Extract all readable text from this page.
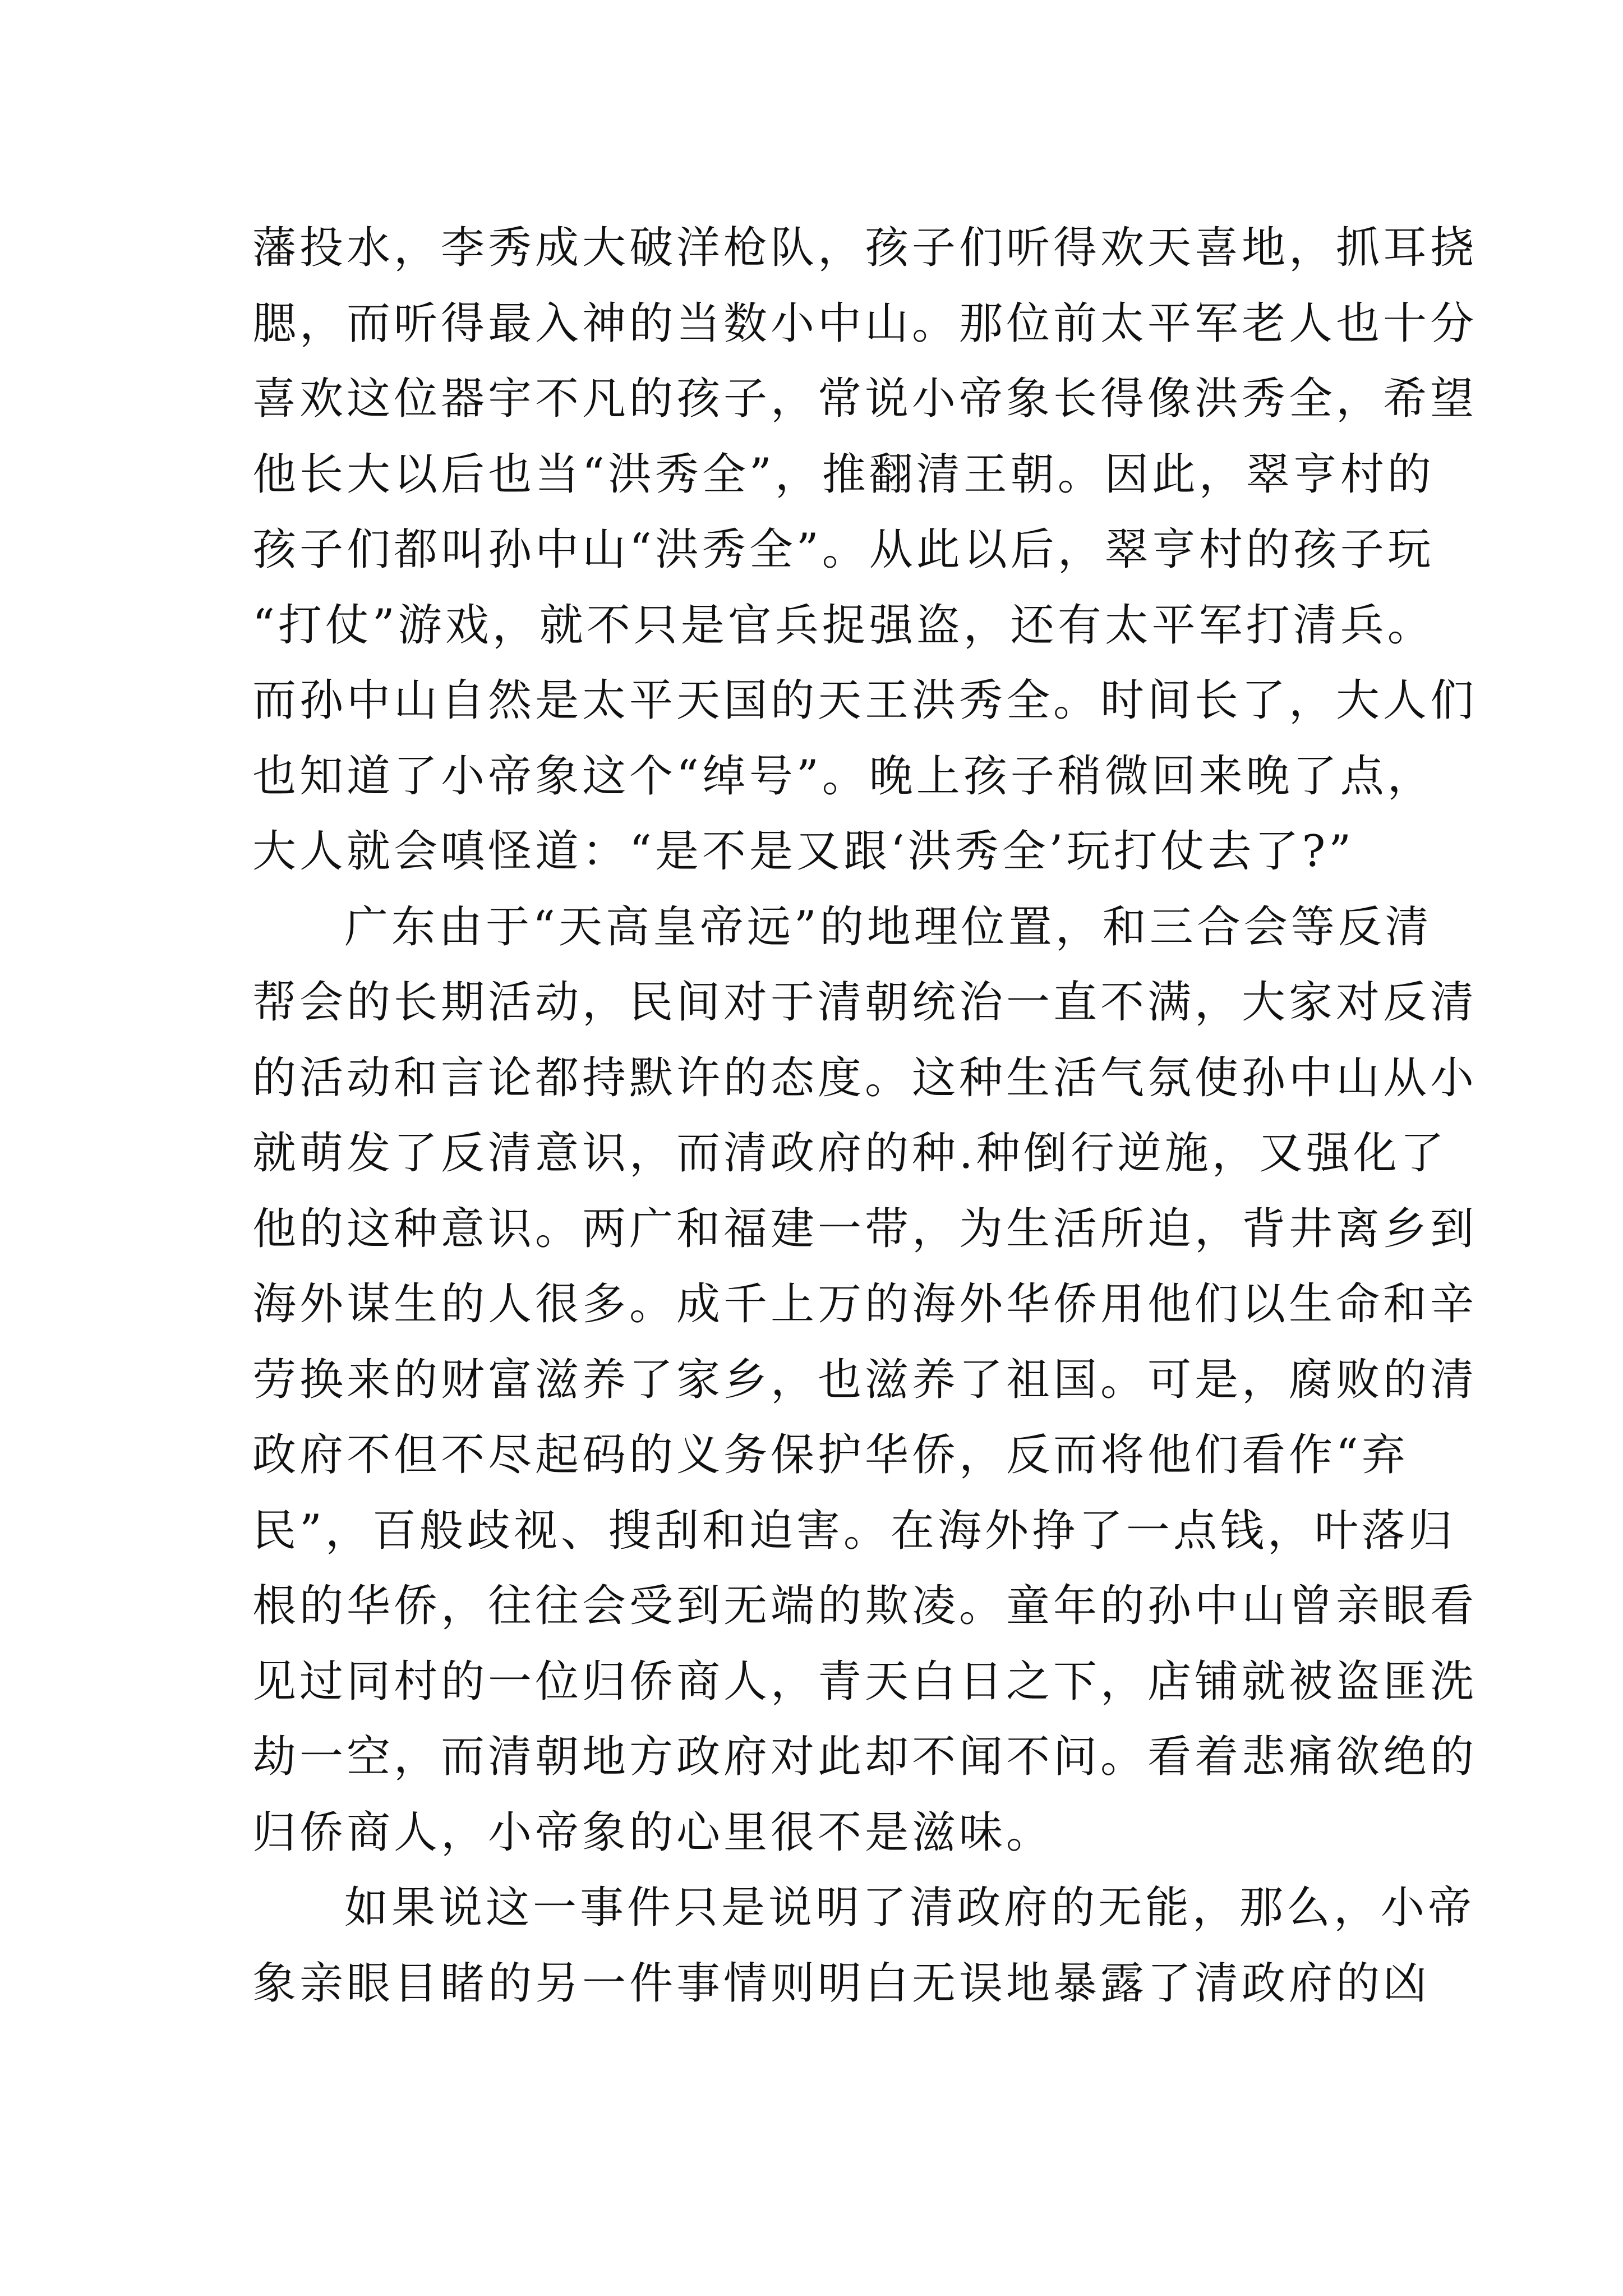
藩投水，李秀成大破洋枪队，孩子们听得欢天喜地，抓耳挠
腮，而听得最入神的当数小中山。那位前太平军老人也十分
喜欢这位器宇不凡的孩子，常说小帝象长得像洪秀全，希望
他长大以后也当“洪秀全”，推翻清王朝。因此，翠亨村的
孩子们都叫孙中山“洪秀全”。从此以后，翠亨村的孩子玩
“打仗”游戏，就不只是官兵捉强盗，还有太平军打清兵。
而孙中山自然是太平天国的天王洪秀全。时间长了，大人们
也知道了小帝象这个“绰号”。晚上孩子稍微回来晚了点，
大人就会嗔怪道：“是不是又跟‘洪秀全’玩打仗去了?”
广东由于“天高皇帝远”的地理位置，和三合会等反清
帮会的长期活动，民间对于清朝统治一直不满，大家对反清
的活动和言论都持默许的态度。这种生活气氛使孙中山从小
就萌发了反清意识，而清政府的种.种倒行逆施，又强化了
他的这种意识。两广和福建一带，为生活所迫，背井离乡到
海外谋生的人很多。成千上万的海外华侨用他们以生命和辛
劳换来的财富滋养了家乡，也滋养了祖国。可是，腐败的清
政府不但不尽起码的义务保护华侨，反而将他们看作“弃
民”，百般歧视、搜刮和迫害。在海外挣了一点钱，叶落归
根的华侨，往往会受到无端的欺凌。童年的孙中山曾亲眼看
见过同村的一位归侨商人，青天白日之下，店铺就被盗匪洗
劫一空，而清朝地方政府对此却不闻不问。看着悲痛欲绝的
归侨商人，小帝象的心里很不是滋味。
如果说这一事件只是说明了清政府的无能，那么，小帝
象亲眼目睹的另一件事情则明白无误地暴露了清政府的凶
